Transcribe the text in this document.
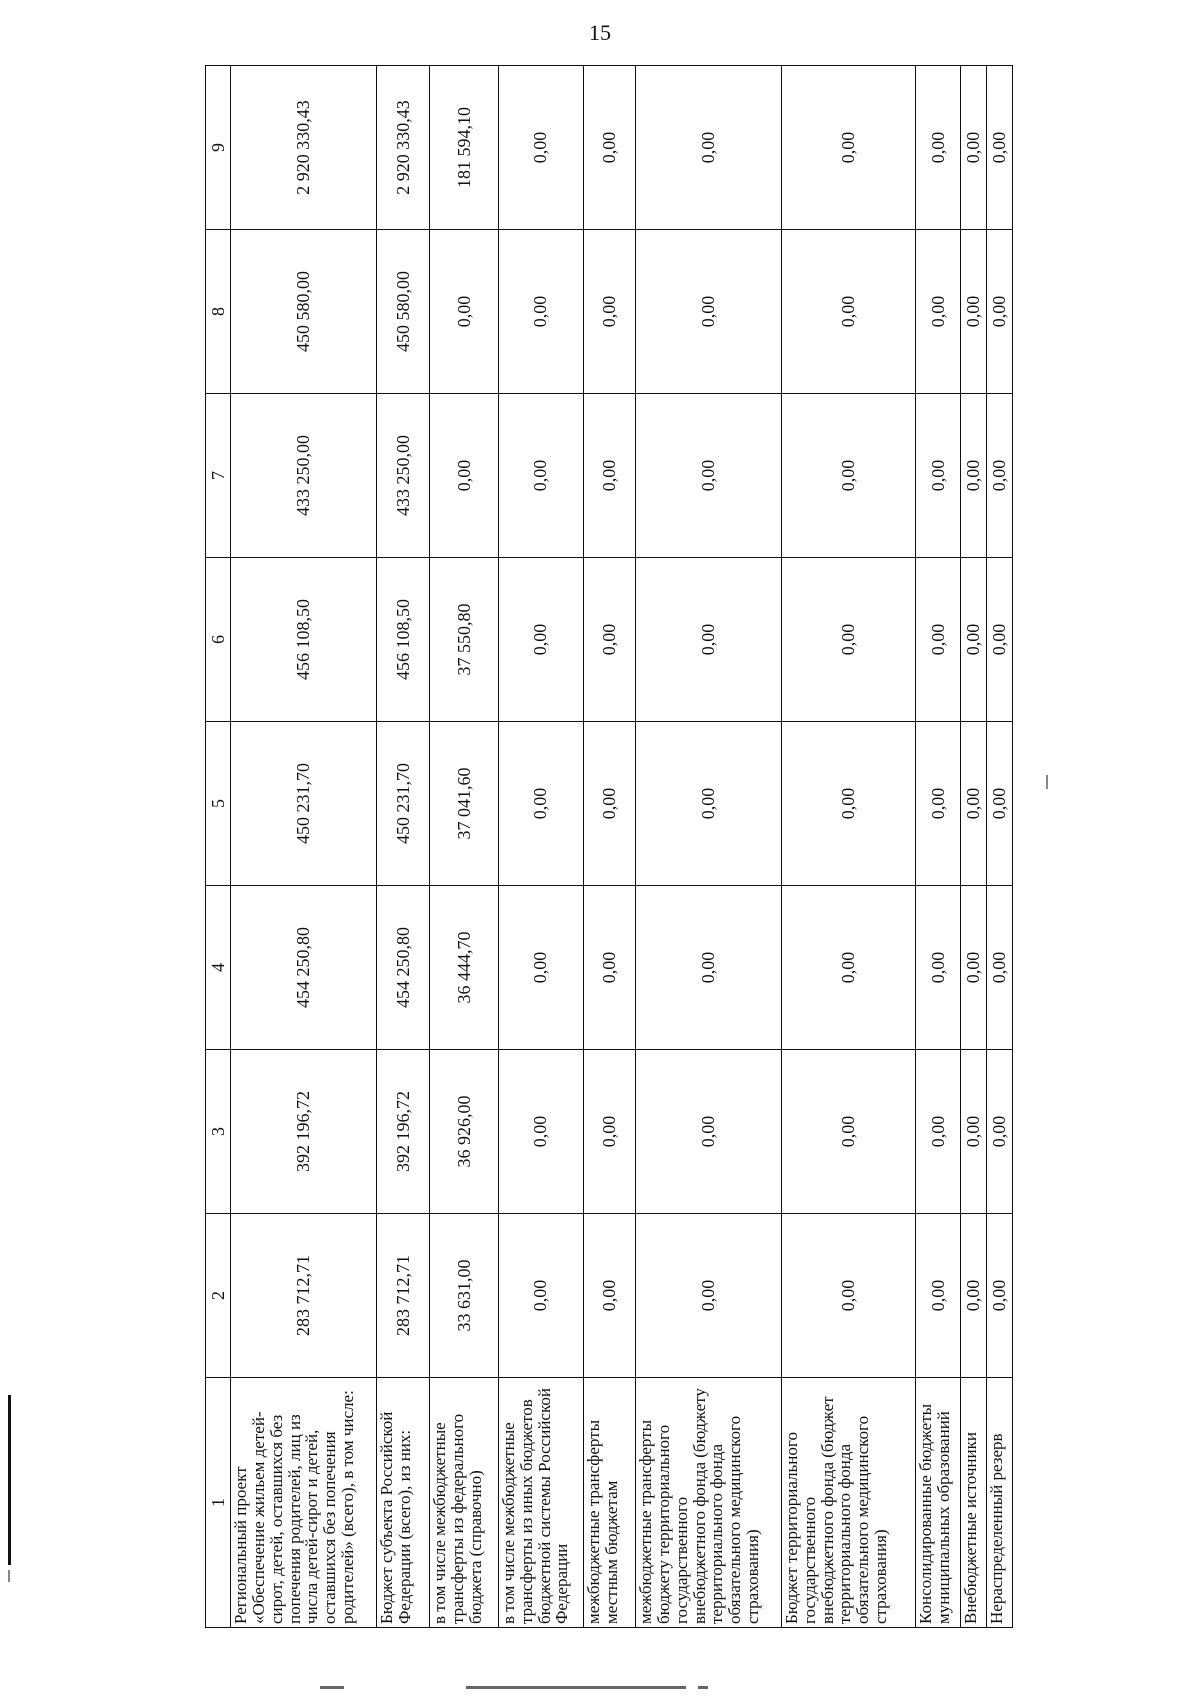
15
1	2	3	4	5	6	7	8	9
Региональный проект «Обеспечение жильем детей-сирот, детей, оставшихся без попечения родителей, лиц из числа детей-сирот и детей, оставшихся без попечения родителей» (всего), в том числе:	283 712,71	392 196,72	454 250,80	450 231,70	456 108,50	433 250,00	450 580,00	2 920 330,43
Бюджет субъекта Российской Федерации (всего), из них:	283 712,71	392 196,72	454 250,80	450 231,70	456 108,50	433 250,00	450 580,00	2 920 330,43
в том числе межбюджетные трансферты из федерального бюджета (справочно)	33 631,00	36 926,00	36 444,70	37 041,60	37 550,80	0,00	0,00	181 594,10
в том числе межбюджетные трансферты из иных бюджетов бюджетной системы Российской Федерации	0,00	0,00	0,00	0,00	0,00	0,00	0,00	0,00
межбюджетные трансферты местным бюджетам	0,00	0,00	0,00	0,00	0,00	0,00	0,00	0,00
межбюджетные трансферты бюджету территориального государственного внебюджетного фонда (бюджету территориального фонда обязательного медицинского страхования)	0,00	0,00	0,00	0,00	0,00	0,00	0,00	0,00
Бюджет территориального государственного внебюджетного фонда (бюджет территориального фонда обязательного медицинского страхования)	0,00	0,00	0,00	0,00	0,00	0,00	0,00	0,00
Консолидированные бюджеты муниципальных образований	0,00	0,00	0,00	0,00	0,00	0,00	0,00	0,00
Внебюджетные источники	0,00	0,00	0,00	0,00	0,00	0,00	0,00	0,00
Нераспределенный резерв	0,00	0,00	0,00	0,00	0,00	0,00	0,00	0,00
